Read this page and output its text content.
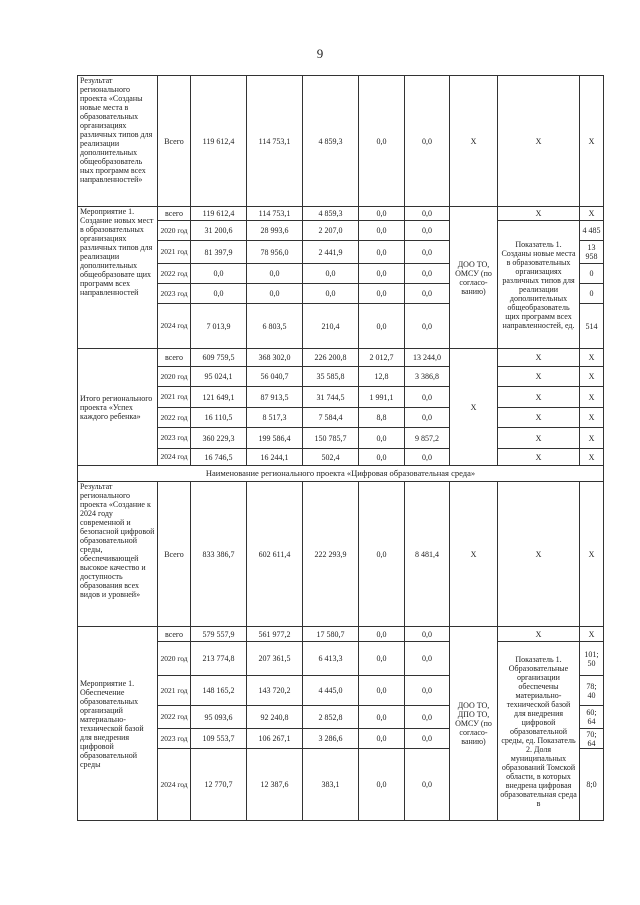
9
Результат регионального проекта «Созданы новые места в образовательных организациях различных типов для реализации дополнительных общеобразователь ных программ всех направленностей»	Всего	119 612,4	114 753,1	4 859,3	0,0	0,0	X	X	X
Мероприятие 1. Создание новых мест в образовательных организациях различных типов для реализации дополнительных общеобразовате щих программ всех направленностей	всего	119 612,4	114 753,1	4 859,3	0,0	0,0	ДОО ТО, ОМСУ (по согласо- ванию)	X	X
	2020 год	31 200,6	28 993,6	2 207,0	0,0	0,0		Показатель 1. Созданы новые места в образовательных организациях различных типов для реализации дополнительных общеобразователь щих программ всех направленностей, ед.	4 485
	2021 год	81 397,9	78 956,0	2 441,9	0,0	0,0			13 958
	2022 год	0,0	0,0	0,0	0,0	0,0			0
	2023 год	0,0	0,0	0,0	0,0	0,0			0
	2024 год	7 013,9	6 803,5	210,4	0,0	0,0			514
Итого регионального проекта «Успех каждого ребенка»	всего	609 759,5	368 302,0	226 200,8	2 012,7	13 244,0	X	X	X
	2020 год	95 024,1	56 040,7	35 585,8	12,8	3 386,8		X	X
	2021 год	121 649,1	87 913,5	31 744,5	1 991,1	0,0		X	X
	2022 год	16 110,5	8 517,3	7 584,4	8,8	0,0		X	X
	2023 год	360 229,3	199 586,4	150 785,7	0,0	9 857,2		X	X
	2024 год	16 746,5	16 244,1	502,4	0,0	0,0		X	X
Наименование регионального проекта «Цифровая образовательная среда»									
Результат регионального проекта «Создание к 2024 году современной и безопасной цифровой образовательной среды, обеспечивающей высокое качество и доступность образования всех видов и уровней»	Всего	833 386,7	602 611,4	222 293,9	0,0	8 481,4	X	X	X
Мероприятие 1. Обеспечение образовательных организаций материально- технической базой для внедрения цифровой образовательной среды	всего	579 557,9	561 977,2	17 580,7	0,0	0,0	ДОО ТО, ДПО ТО, ОМСУ (по согласо- ванию)	X	X
	2020 год	213 774,8	207 361,5	6 413,3	0,0	0,0		Показатель 1. Образовательные организации обеспечены материально- технической базой для внедрения цифровой образовательной среды, ед. Показатель 2. Доля муниципальных образований Томской области, в которых внедрена цифровая образовательная среда в	101; 50
	2021 год	148 165,2	143 720,2	4 445,0	0,0	0,0			78; 40
	2022 год	95 093,6	92 240,8	2 852,8	0,0	0,0			60; 64
	2023 год	109 553,7	106 267,1	3 286,6	0,0	0,0			70; 64
	2024 год	12 770,7	12 387,6	383,1	0,0	0,0			8;0
